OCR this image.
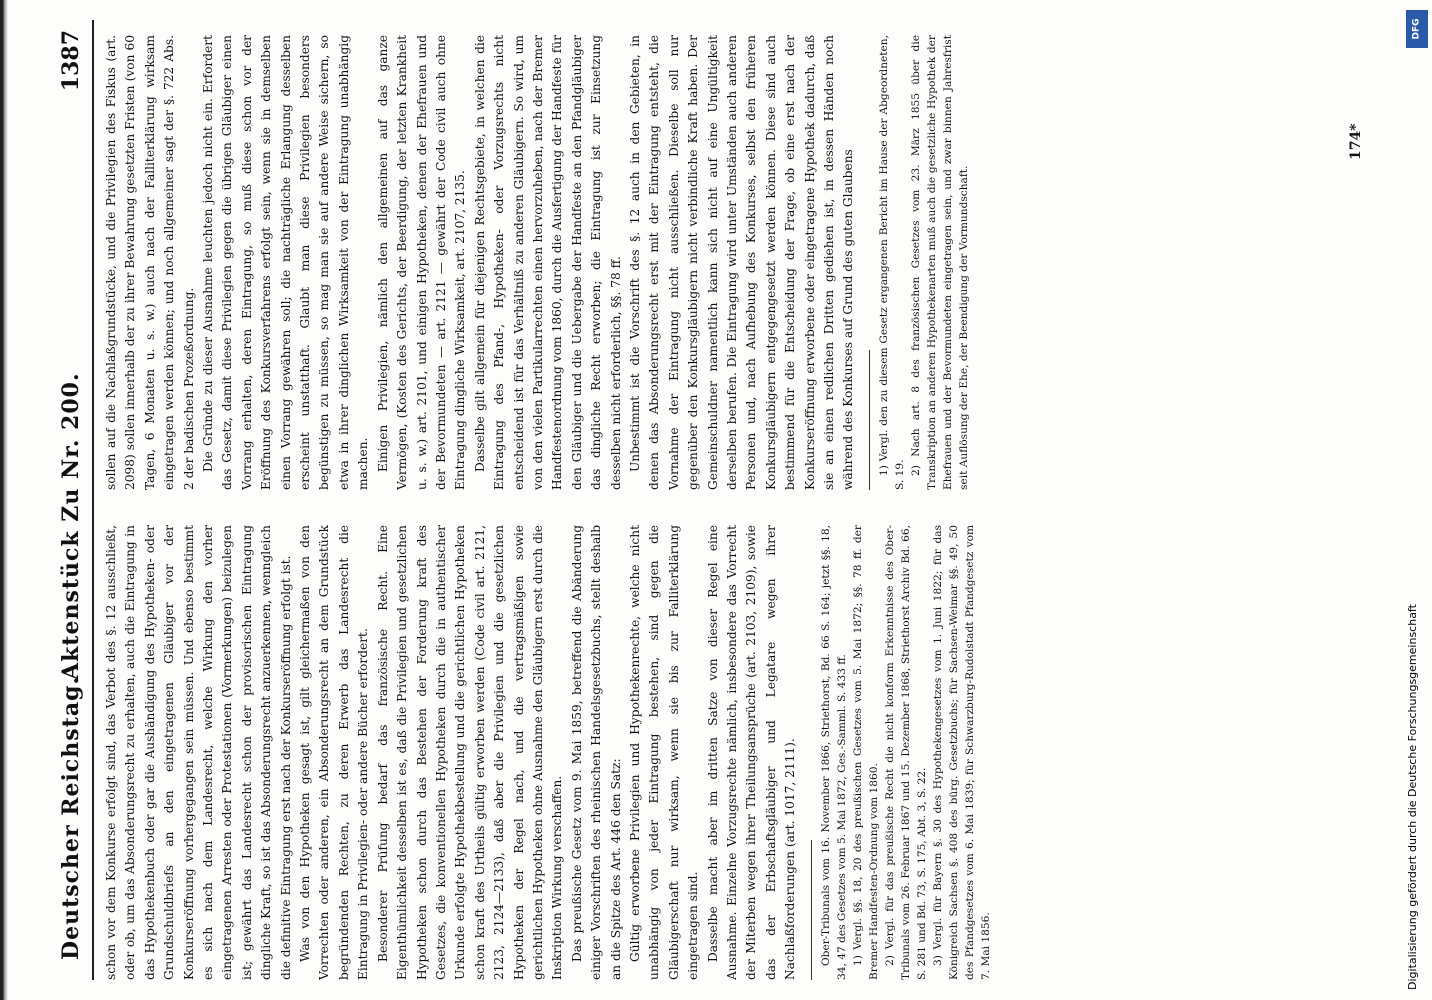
Deutscher Reichstag.
Aktenstück Zu Nr. 200.
1387

schon vor dem Konkurse erfolgt sind, das Verbot des §. 12 ausschließt, oder ob, um das Absonderungsrecht zu erhalten, auch die Eintragung in das Hypothekenbuch oder gar die Aushändigung des Hypotheken- oder Grundschuldbriefs an den eingetragenen Gläubiger vor der Konkurseröffnung vorhergegangen sein müssen. Und ebenso bestimmt es sich nach dem Landesrecht, welche Wirkung den vorher eingetragenen Arresten oder Protestationen (Vormerkungen) beizulegen ist; gewährt das Landesrecht schon der provisorischen Eintragung dingliche Kraft, so ist das Absonderungsrecht anzuerkennen, wenngleich die definitive Eintragung erst nach der Konkurseröffnung erfolgt ist. Was von den Hypotheken gesagt ist, gilt gleichermaßen von den Vorrechten oder anderen, ein Absonderungsrecht an dem Grundstück begründenden Rechten, zu deren Erwerb das Landesrecht die Eintragung in Privilegien- oder andere Bücher erfordert. Besonderer Prüfung bedarf das französische Recht. Eine Eigenthümlichkeit desselben ist es, daß die Privilegien und gesetzlichen Hypotheken schon durch das Bestehen der Forderung kraft des Gesetzes, die konventionellen Hypotheken durch die in authentischer Urkunde erfolgte Hypothekbestellung und die gerichtlichen Hypotheken schon kraft des Urtheils gültig erworben werden (Code civil art. 2121, 2123, 2124—2133), daß aber die Privilegien und die gesetzlichen Hypotheken der Regel nach, und die vertragsmäßigen sowie gerichtlichen Hypotheken ohne Ausnahme den Gläubigern erst durch die Inskription Wirkung verschaffen. Das preußische Gesetz vom 9. Mai 1859, betreffend die Abänderung einiger Vorschriften des rheinischen Handelsgesetzbuchs, stellt deshalb an die Spitze des Art. 446 den Satz: Gültig erworbene Privilegien und Hypothekenrechte, welche nicht unabhängig von jeder Eintragung bestehen, sind gegen die Gläubigerschaft nur wirksam, wenn sie bis zur Falliterklärung eingetragen sind. Dasselbe macht aber im dritten Satze von dieser Regel eine Ausnahme. Einzelne Vorzugsrechte nämlich, insbesondere das Vorrecht der Miterben wegen ihrer Theilungsansprüche (art. 2103, 2109), sowie das der Erbschaftsgläubiger und Legatare wegen ihrer Nachlaßforderungen (art. 1017, 2111).	Ober-Tribunals vom 16. November 1866, Striethorst, Bd. 66 S. 164; jetzt §§. 18, 34, 47 des Gesetzes vom 5. Mai 1872, Ges.-Samml. S. 433 ff. 1) Vergl. §§. 18, 20 des preußischen Gesetzes vom 5. Mai 1872; §§. 78 ff. der Bremer Handfesten-Ordnung vom 1860. 2) Vergl. für das preußische Recht die nicht konform Erkenntnisse des Ober-Tribunals vom 26. Februar 1867 und 15. Dezember 1868, Striethorst Archiv Bd. 66, S. 281 und Bd. 73, S. 175, Abt. 3, S. 22. 3) Vergl. für Bayern §. 30 des Hypothekengesetzes vom 1. Juni 1822; für das Königreich Sachsen §. 408 des bürg. Gesetzbuchs; für Sachsen-Weimar §§. 49, 50 des Pfandgesetzes vom 6. Mai 1839; für Schwarzburg-Rudolstadt Pfandgesetz vom 7. Mai 1856.

sollen auf die Nachlaßgrundstücke, und die Privilegien des Fiskus (art. 2098) sollen innerhalb der zu ihrer Bewahrung gesetzten Fristen (von 60 Tagen, 6 Monaten u. s. w.) auch nach der Falliterklärung wirksam eingetragen werden können; und noch allgemeiner sagt der §. 722 Abs. 2 der badischen Prozeßordnung. Die Gründe zu dieser Ausnahme leuchten jedoch nicht ein. Erfordert das Gesetz, damit diese Privilegien gegen die übrigen Gläubiger einen Vorrang erhalten, deren Eintragung, so muß diese schon vor der Eröffnung des Konkursverfahrens erfolgt sein, wenn sie in demselben einen Vorrang gewähren soll; die nachträgliche Erlangung desselben erscheint unstatthaft. Glaubt man diese Privilegien besonders begünstigen zu müssen, so mag man sie auf andere Weise sichern, so etwa in ihrer dinglichen Wirksamkeit von der Eintragung unabhängig machen. Einigen Privilegien, nämlich den allgemeinen auf das ganze Vermögen, (Kosten des Gerichts, der Beerdigung, der letzten Krankheit u. s. w.) art. 2101, und einigen Hypotheken, denen der Ehefrauen und der Bevormundeten — art. 2121 — gewährt der Code civil auch ohne Eintragung dingliche Wirksamkeit, art. 2107, 2135. Dasselbe gilt allgemein für diejenigen Rechtsgebiete, in welchen die Eintragung des Pfand-, Hypotheken- oder Vorzugsrechts nicht entscheidend ist für das Verhältniß zu anderen Gläubigern. So wird, um von den vielen Partikularrechten einen hervorzuheben, nach der Bremer Handfestenordnung vom 1860, durch die Ausfertigung der Handfeste für den Gläubiger und die Uebergabe der Handfeste an den Pfandgläubiger das dingliche Recht erworben; die Eintragung ist zur Einsetzung desselben nicht erforderlich, §§. 78 ff. Unbestimmt ist die Vorschrift des §. 12 auch in den Gebieten, in denen das Absonderungsrecht erst mit der Eintragung entsteht, die Vornahme der Eintragung nicht ausschließen. Dieselbe soll nur gegenüber den Konkursgläubigern nicht verbindliche Kraft haben. Der Gemeinschuldner namentlich kann sich nicht auf eine Ungültigkeit derselben berufen. Die Eintragung wird unter Umständen auch anderen Personen und, nach Aufhebung des Konkurses, selbst den früheren Konkursgläubigern entgegengesetzt werden können. Diese sind auch bestimmend für die Entscheidung der Frage, ob eine erst nach der Konkurseröffnung erworbene oder eingetragene Hypothek dadurch, daß sie an einen redlichen Dritten gediehen ist, in dessen Händen noch während des Konkurses auf Grund des guten Glaubens	1) Vergl. den zu diesem Gesetz ergangenen Bericht im Hause der Abgeordneten, S. 19. 2) Nach art. 8 des französischen Gesetzes vom 23. März 1855 über die Transkription an anderen Hypothekenarten muß auch die gesetzliche Hypothek der Ehefrauen und der Bevormundeten eingetragen sein, und zwar binnen Jahresfrist seit Auflösung der Ehe, der Beendigung der Vormundschaft.

174*
Digitalisierung gefördert durch die Deutsche Forschungsgemeinschaft
DFG
